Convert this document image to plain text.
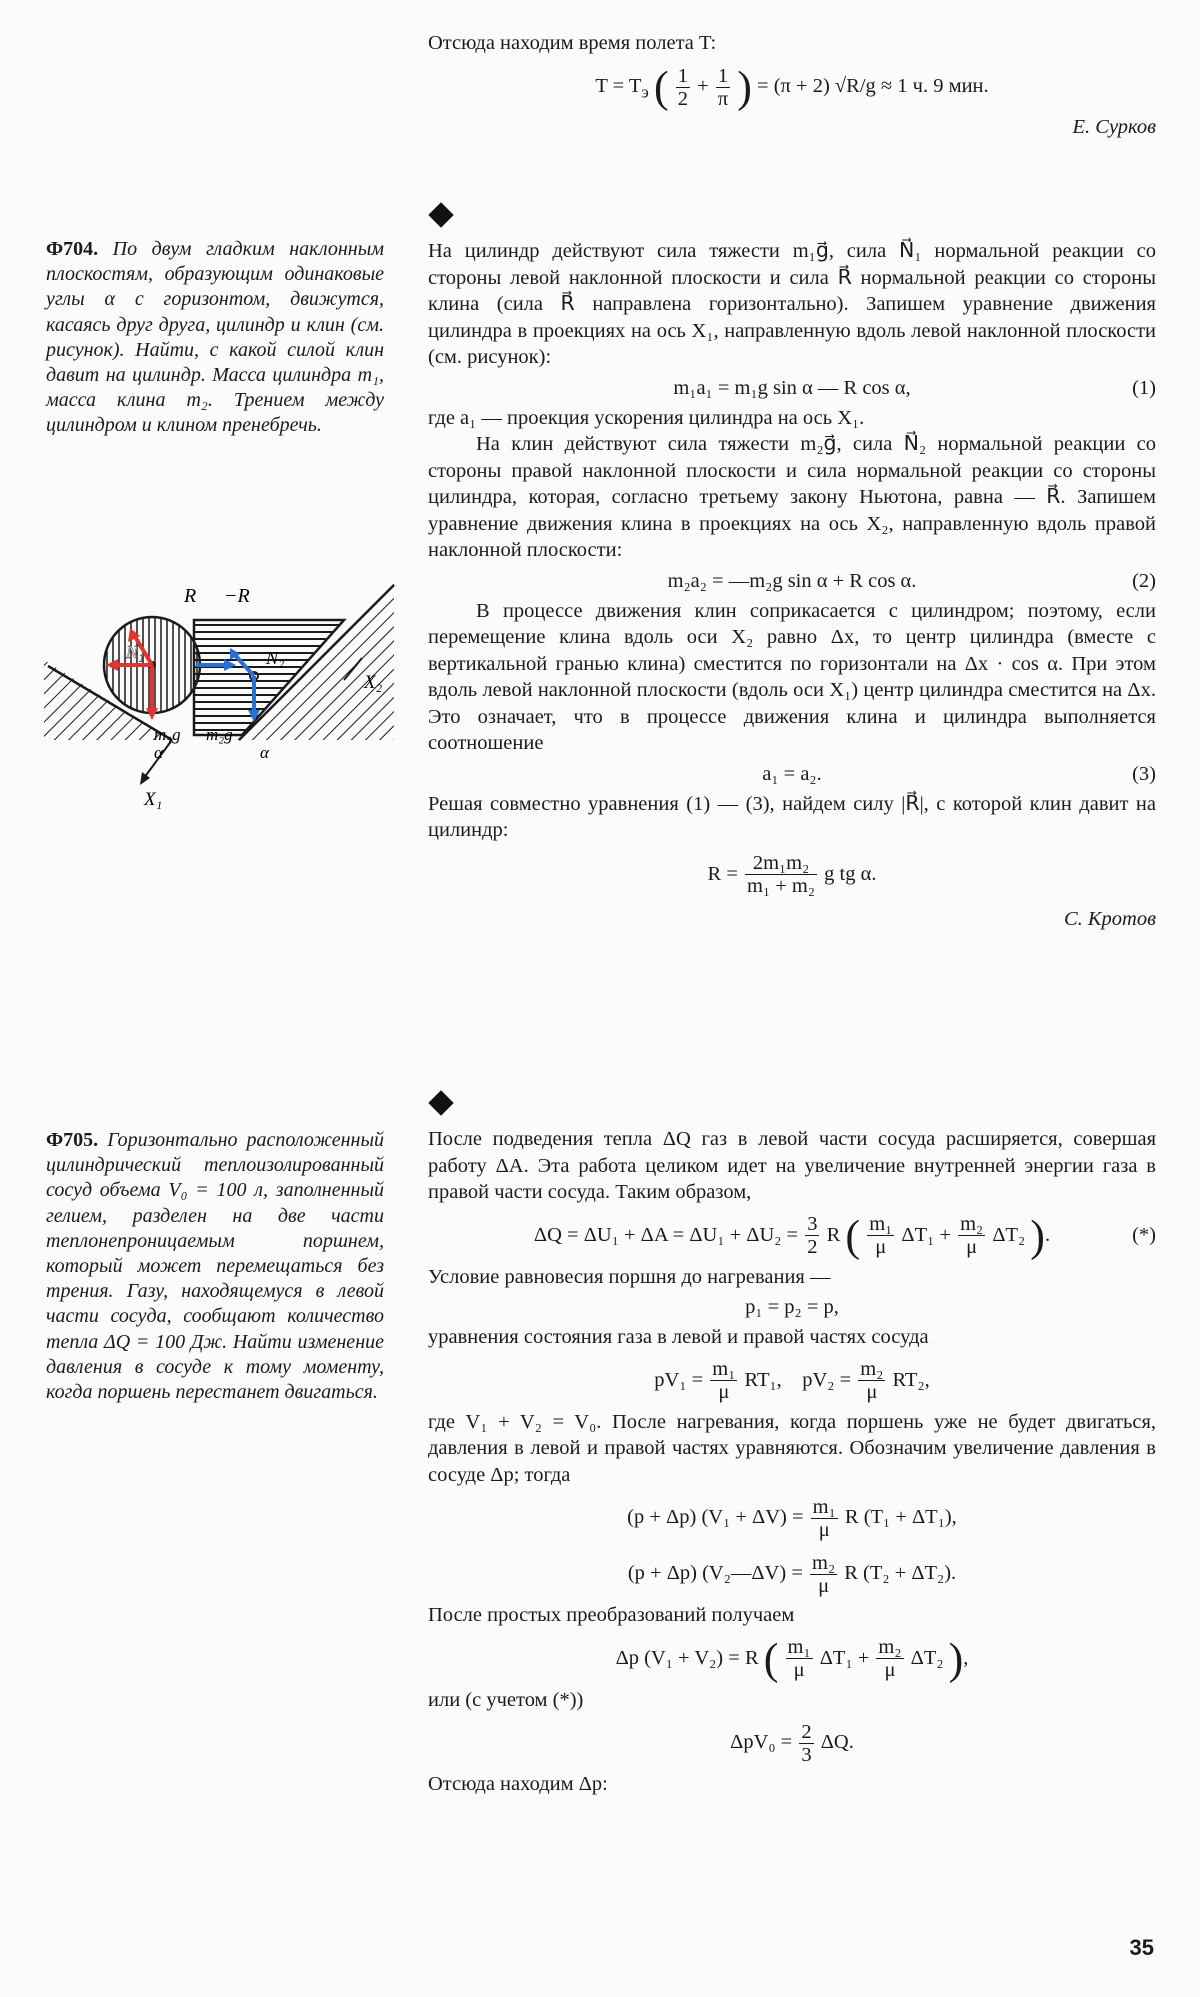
Отсюда находим время полета T:

$T = T_э$ ( $\frac{1}{2} + \frac{1}{\pi}$ ) = (π + 2) √R/g ≈ 1 ч. 9 мин.
Е. Сурков

Ф704. По двум гладким наклонным плоскостям, образующим одинаковые углы α с горизонтом, движутся, касаясь друг друга, цилиндр и клин (см. рисунок). Найти, с какой силой клин давит на цилиндр. Масса цилиндра m₁, масса клина m₂. Трением между цилиндром и клином пренебречь.

R −R
N₁	N₂
m₁g m₂g
α	α
X₁
X₂

На цилиндр действуют сила тяжести m₁g⃗, сила N⃗₁ нормальной реакции со стороны левой наклонной плоскости и сила R⃗ нормальной реакции со стороны клина (сила R⃗ направлена горизонтально). Запишем уравнение движения цилиндра в проекциях на ось X₁, направленную вдоль левой наклонной плоскости (см. рисунок):

m₁a₁ = m₁g sin α — R cos α,	(1)

где a₁ — проекция ускорения цилиндра на ось X₁.

На клин действуют сила тяжести m₂g⃗, сила N⃗₂ нормальной реакции со стороны правой наклонной плоскости и сила нормальной реакции со стороны цилиндра, которая, согласно третьему закону Ньютона, равна — R⃗. Запишем уравнение движения клина в проекциях на ось X₂, направленную вдоль правой наклонной плоскости:

m₂a₂ = —m₂g sin α + R cos α.	(2)

В процессе движения клин соприкасается с цилиндром; поэтому, если перемещение клина вдоль оси X₂ равно Δx, то центр цилиндра (вместе с вертикальной гранью клина) сместится по горизонтали на Δx · cos α. При этом вдоль левой наклонной плоскости (вдоль оси X₁) центр цилиндра сместится на Δx. Это означает, что в процессе движения клина и цилиндра выполняется соотношение

a₁ = a₂.	(3)

Решая совместно уравнения (1) — (3), найдем силу |R⃗|, с которой клин давит на цилиндр:

$R = \frac{\text{2m₁m₂}}{\text{m₁ + m₂}}$ g tg α.
С. Кротов

Ф705. Горизонтально расположенный цилиндрический теплоизолированный сосуд объема V₀ = 100 л, заполненный гелием, разделен на две части теплонепроницаемым поршнем, который может перемещаться без трения. Газу, находящемуся в левой части сосуда, сообщают количество тепла ΔQ = 100 Дж. Найти изменение давления в сосуде к тому моменту, когда поршень перестанет двигаться.

После подведения тепла ΔQ газ в левой части сосуда расширяется, совершая работу ΔA. Эта работа целиком идет на увеличение внутренней энергии газа в правой части сосуда. Таким образом,

$\Delta Q = \Delta U_1 + \Delta A = \Delta U_1 + \Delta U_2 = \frac{3}{2}$ R ( $\frac{\text{m₁}}{\mu} \Delta T_1 + \frac{\text{m₂}}{\mu} \Delta T_2$ ).	(*)

Условие равновесия поршня до нагревания —

p₁ = p₂ = p,

уравнения состояния газа в левой и правой частях сосуда

$pV_1 = \frac{\text{m₁}}{\mu} RT_1$, $pV_2 = \frac{\text{m₂}}{\mu} RT_2$,

где V₁ + V₂ = V₀. После нагревания, когда поршень уже не будет двигаться, давления в левой и правой частях уравняются. Обозначим увеличение давления в сосуде Δp; тогда

(p + Δp) $(V_1 + \Delta V) = \frac{\text{m₁}}{\mu}$ R (T₁ + ΔT₁),
(p + Δp) (V₂—ΔV) = $\frac{\text{m₂}}{\mu}$ R (T₂ + ΔT₂).

После простых преобразований получаем

Δp (V₁ + V₂) = R ( $\frac{\text{m₁}}{\mu} \Delta T_1 + \frac{\text{m₂}}{\mu} \Delta T_2$ ),

или (с учетом (*))

$\Delta pV_0 = \frac{2}{3} \Delta Q$.

Отсюда находим Δp:

35
